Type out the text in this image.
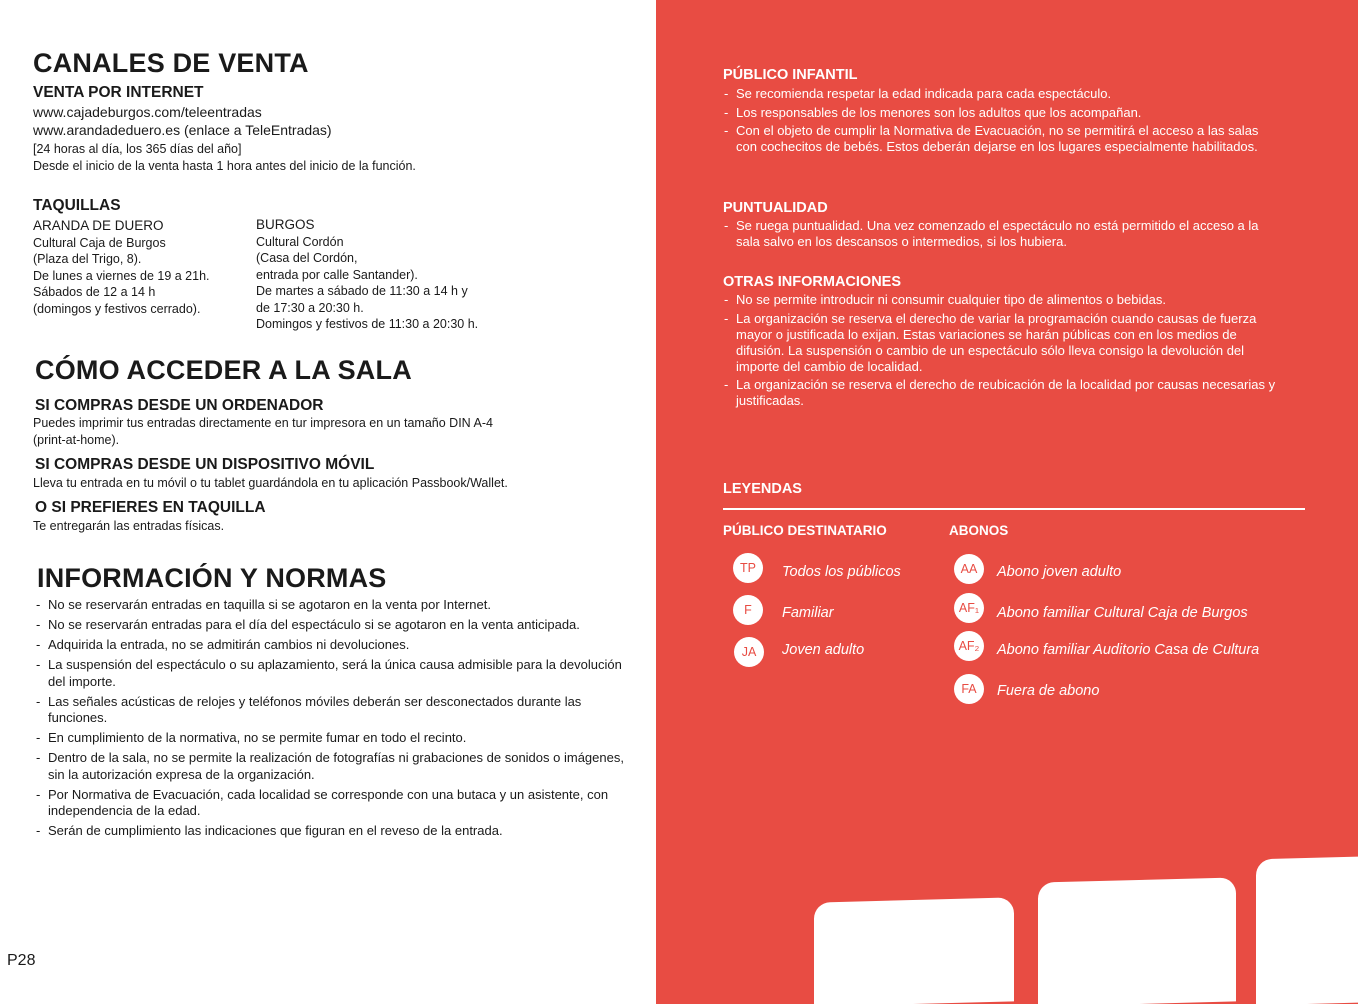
CANALES DE VENTA
VENTA POR INTERNET
www.cajadeburgos.com/teleentradas
www.arandadeduero.es (enlace a TeleEntradas)
[24 horas al día, los 365 días del año]
Desde el inicio de la venta hasta 1 hora antes del inicio de la función.
TAQUILLAS
ARANDA DE DUERO
Cultural Caja de Burgos
(Plaza del Trigo, 8).
De lunes a viernes de 19 a 21h.
Sábados de 12 a 14 h
(domingos y festivos cerrado).
BURGOS
Cultural Cordón
(Casa del Cordón,
entrada por calle Santander).
De martes a sábado de 11:30 a 14 h y
de 17:30 a 20:30 h.
Domingos y festivos de 11:30 a 20:30 h.
CÓMO ACCEDER A LA SALA
SI COMPRAS DESDE UN ORDENADOR
Puedes imprimir tus entradas directamente en tur impresora en un tamaño DIN A-4
(print-at-home).
SI COMPRAS DESDE UN DISPOSITIVO MÓVIL
Lleva tu entrada en tu móvil o tu tablet guardándola en tu aplicación Passbook/Wallet.
O SI PREFIERES EN TAQUILLA
Te entregarán las entradas físicas.
INFORMACIÓN Y NORMAS
- No se reservarán entradas en taquilla si se agotaron en la venta por Internet.
- No se reservarán entradas para el día del espectáculo si se agotaron en la venta anticipada.
- Adquirida la entrada, no se admitirán cambios ni devoluciones.
- La suspensión del espectáculo o su aplazamiento, será la única causa admisible para la devolución del importe.
- Las señales acústicas de relojes y teléfonos móviles deberán ser desconectados durante las funciones.
- En cumplimiento de la normativa, no se permite fumar en todo el recinto.
- Dentro de la sala, no se permite la realización de fotografías ni grabaciones de sonidos o imágenes, sin la autorización expresa de la organización.
- Por Normativa de Evacuación, cada localidad se corresponde con una butaca y un asistente, con independencia de la edad.
- Serán de cumplimiento las indicaciones que figuran en el reveso de la entrada.
P28
PÚBLICO INFANTIL
- Se recomienda respetar la edad indicada para cada espectáculo.
- Los responsables de los menores son los adultos que los acompañan.
- Con el objeto de cumplir la Normativa de Evacuación, no se permitirá el acceso a las salas con cochecitos de bebés. Estos deberán dejarse en los lugares especialmente habilitados.
PUNTUALIDAD
- Se ruega puntualidad. Una vez comenzado el espectáculo no está permitido el acceso a la sala salvo en los descansos o intermedios, si los hubiera.
OTRAS INFORMACIONES
- No se permite introducir ni consumir cualquier tipo de alimentos o bebidas.
- La organización se reserva el derecho de variar la programación cuando causas de fuerza mayor o justificada lo exijan. Estas variaciones se harán públicas con en los medios de difusión. La suspensión o cambio de un espectáculo sólo lleva consigo la devolución del importe del cambio de localidad.
- La organización se reserva el derecho de reubicación de la localidad por causas necesarias y justificadas.
LEYENDAS
PÚBLICO DESTINATARIO	ABONOS
TP	Todos los públicos
F	Familiar
JA	Joven adulto
AA	Abono joven adulto
AF₁	Abono familiar Cultural Caja de Burgos
AF₂	Abono familiar Auditorio Casa de Cultura
FA	Fuera de abono
